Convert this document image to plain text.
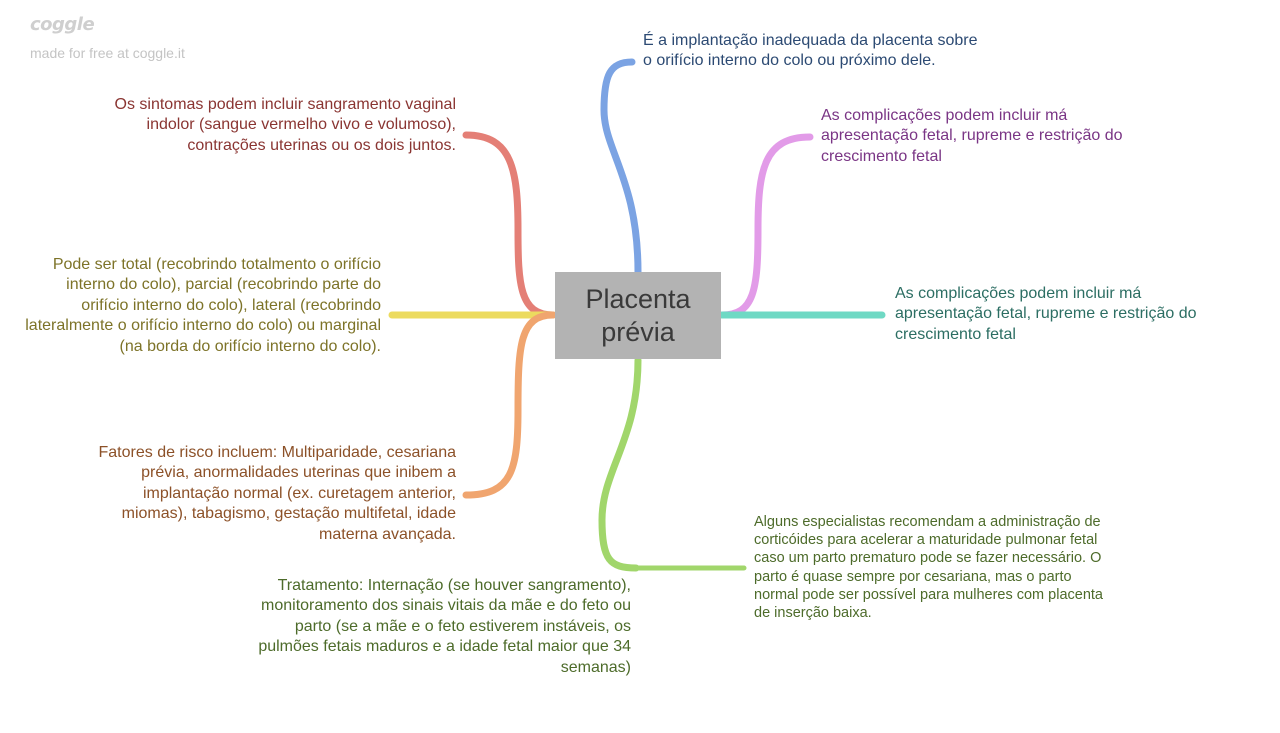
coggle
made for free at coggle.it
Placenta prévia
É a implantação inadequada da placenta sobre o orifício interno do colo ou próximo dele.
As complicações podem incluir má apresentação fetal, rupreme e restrição do crescimento fetal
As complicações podem incluir má apresentação fetal, rupreme e restrição do crescimento fetal
Os sintomas podem incluir sangramento vaginal indolor (sangue vermelho vivo e volumoso), contrações uterinas ou os dois juntos.
Pode ser total (recobrindo totalmento o orifício interno do colo), parcial (recobrindo parte do orifício interno do colo), lateral (recobrindo lateralmente o orifício interno do colo) ou marginal (na borda do orifício interno do colo).
Fatores de risco incluem: Multiparidade, cesariana prévia, anormalidades uterinas que inibem a implantação normal (ex. curetagem anterior, miomas), tabagismo, gestação multifetal, idade materna avançada.
Tratamento: Internação (se houver sangramento), monitoramento dos sinais vitais da mãe e do feto ou parto (se a mãe e o feto estiverem instáveis, os pulmões fetais maduros e a idade fetal maior que 34 semanas)
Alguns especialistas recomendam a administração de corticóides para acelerar a maturidade pulmonar fetal caso um parto prematuro pode se fazer necessário. O parto é quase sempre por cesariana, mas o parto normal pode ser possível para mulheres com placenta de inserção baixa.
